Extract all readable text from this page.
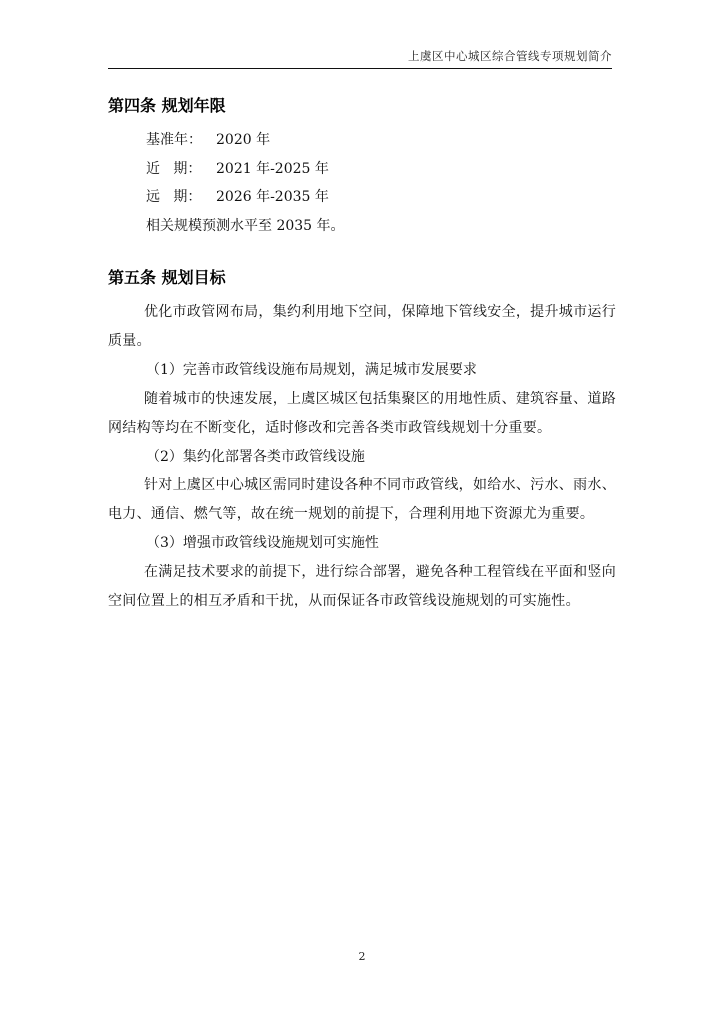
上虞区中心城区综合管线专项规划简介
第四条 规划年限
基准年：	2020 年
近   期：	2021 年-2025 年
远   期：	2026 年-2035 年

相关规模预测水平至 2035 年。

第五条 规划目标

优化市政管网布局，集约利用地下空间，保障地下管线安全，提升城市运行质量。

（1）完善市政管线设施布局规划，满足城市发展要求

随着城市的快速发展，上虞区城区包括集聚区的用地性质、建筑容量、道路网结构等均在不断变化，适时修改和完善各类市政管线规划十分重要。

（2）集约化部署各类市政管线设施

针对上虞区中心城区需同时建设各种不同市政管线，如给水、污水、雨水、电力、通信、燃气等，故在统一规划的前提下，合理利用地下资源尤为重要。

（3）增强市政管线设施规划可实施性

在满足技术要求的前提下，进行综合部署，避免各种工程管线在平面和竖向空间位置上的相互矛盾和干扰，从而保证各市政管线设施规划的可实施性。

2
